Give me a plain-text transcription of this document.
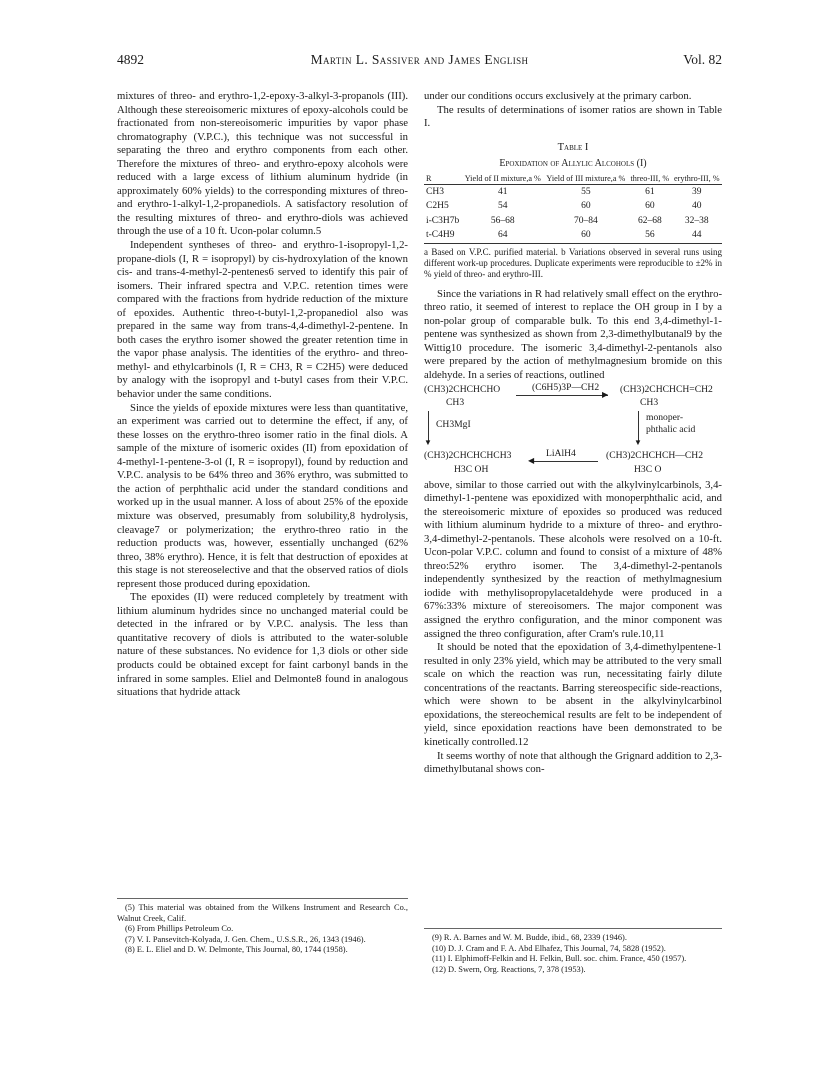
4892	Martin L. Sassiver and James English	Vol. 82

mixtures of threo- and erythro-1,2-epoxy-3-alkyl-3-propanols (III). Although these stereoisomeric mixtures of epoxy-alcohols could be fractionated from non-stereoisomeric impurities by vapor phase chromatography (V.P.C.), this technique was not successful in separating the threo and erythro components from each other. Therefore the mixtures of threo- and erythro-epoxy alcohols were reduced with a large excess of lithium aluminum hydride (in approximately 60% yields) to the corresponding mixtures of threo- and erythro-1-alkyl-1,2-propanediols. A satisfactory resolution of the resulting mixtures of threo- and erythro-diols was achieved through the use of a 10 ft. Ucon-polar column.5

Independent syntheses of threo- and erythro-1-isopropyl-1,2-propane-diols (I, R = isopropyl) by cis-hydroxylation of the known cis- and trans-4-methyl-2-pentenes6 served to identify this pair of isomers. Their infrared spectra and V.P.C. retention times were compared with the fractions from hydride reduction of the mixture of epoxides. Authentic threo-t-butyl-1,2-propanediol also was prepared in the same way from trans-4,4-dimethyl-2-pentene. In both cases the erythro isomer showed the greater retention time in the vapor phase analysis. The identities of the erythro- and threo-methyl- and ethylcarbinols (I, R = CH3, R = C2H5) were deduced by analogy with the isopropyl and t-butyl cases from their V.P.C. behavior under the same conditions.

Since the yields of epoxide mixtures were less than quantitative, an experiment was carried out to determine the effect, if any, of these losses on the erythro-threo isomer ratio in the final diols. A sample of the mixture of isomeric oxides (II) from epoxidation of 4-methyl-1-pentene-3-ol (I, R = isopropyl), found by reduction and V.P.C. analysis to be 64% threo and 36% erythro, was submitted to the action of perphthalic acid under the standard conditions and worked up in the usual manner. A loss of about 25% of the epoxide mixture was observed, presumably from solubility,8 hydrolysis, cleavage7 or polymerization; the erythro-threo ratio in the reduction products was, however, essentially unchanged (62% threo, 38% erythro). Hence, it is felt that destruction of epoxides at this stage is not stereoselective and that the observed ratios of diols represent those produced during epoxidation.

The epoxides (II) were reduced completely by treatment with lithium aluminum hydrides since no unchanged material could be detected in the infrared or by V.P.C. analysis. The less than quantitative recovery of diols is attributed to the water-soluble nature of these substances. No evidence for 1,3 diols or other side products could be obtained except for faint carbonyl bands in the infrared in some samples. Eliel and Delmonte8 found in analogous situations that hydride attack

under our conditions occurs exclusively at the primary carbon.

The results of determinations of isomer ratios are shown in Table I.

Table I
Epoxidation of Allylic Alcohols (I)
R	Yield of II mixture,a %	Yield of III mixture,a %	threo-III, %	erythro-III, %
CH3	41	55	61	39
C2H5	54	60	60	40
i-C3H7b	56–68	70–84	62–68	32–38
t-C4H9	64	60	56	44
a Based on V.P.C. purified material. b Variations observed in several runs using different work-up procedures. Duplicate experiments were reproducible to ±2% in % yield of threo- and erythro-III.

Since the variations in R had relatively small effect on the erythro-threo ratio, it seemed of interest to replace the OH group in I by a non-polar group of comparable bulk. To this end 3,4-dimethyl-1-pentene was synthesized as shown from 2,3-dimethylbutanal9 by the Wittig10 procedure. The isomeric 3,4-dimethyl-2-pentanols also were prepared by the action of methylmagnesium bromide on this aldehyde. In a series of reactions, outlined

(CH3)2CHCHCHO
CH3
(C6H5)3P—CH2
▶ (CH3)2CHCHCH=CH2
CH3
▼
CH3MgI
▼
monoper-
phthalic acid
(CH3)2CHCHCHCH3
H3C OH
LiAlH4
◀	(CH3)2CHCHCH—CH2
H3C O

above, similar to those carried out with the alkylvinylcarbinols, 3,4-dimethyl-1-pentene was epoxidized with monoperphthalic acid, and the stereoisomeric mixture of epoxides so produced was reduced with lithium aluminum hydride to a mixture of threo- and erythro-3,4-dimethyl-2-pentanols. These alcohols were resolved on a 10-ft. Ucon-polar V.P.C. column and found to consist of a mixture of 48% threo:52% erythro isomer. The 3,4-dimethyl-2-pentanols independently synthesized by the reaction of methylmagnesium iodide with methylisopropylacetaldehyde were produced in a 67%:33% mixture of stereoisomers. The major component was assigned the erythro configuration, and the minor component was assigned the threo configuration, after Cram's rule.10,11

It should be noted that the epoxidation of 3,4-dimethylpentene-1 resulted in only 23% yield, which may be attributed to the very small scale on which the reaction was run, necessitating fairly dilute concentrations of the reactants. Barring stereospecific side-reactions, which were shown to be absent in the alkylvinylcarbinol epoxidations, the stereochemical results are felt to be independent of yield, since epoxidation reactions have been demonstrated to be kinetically controlled.12

It seems worthy of note that although the Grignard addition to 2,3-dimethylbutanal shows con-

(5) This material was obtained from the Wilkens Instrument and Research Co., Walnut Creek, Calif.

(6) From Phillips Petroleum Co.

(7) V. I. Pansevitch-Kolyada, J. Gen. Chem., U.S.S.R., 26, 1343 (1946).

(8) E. L. Eliel and D. W. Delmonte, This Journal, 80, 1744 (1958).

(9) R. A. Barnes and W. M. Budde, ibid., 68, 2339 (1946).

(10) D. J. Cram and F. A. Abd Elhafez, This Journal, 74, 5828 (1952).

(11) I. Elphimoff-Felkin and H. Felkin, Bull. soc. chim. France, 450 (1957).

(12) D. Swern, Org. Reactions, 7, 378 (1953).
